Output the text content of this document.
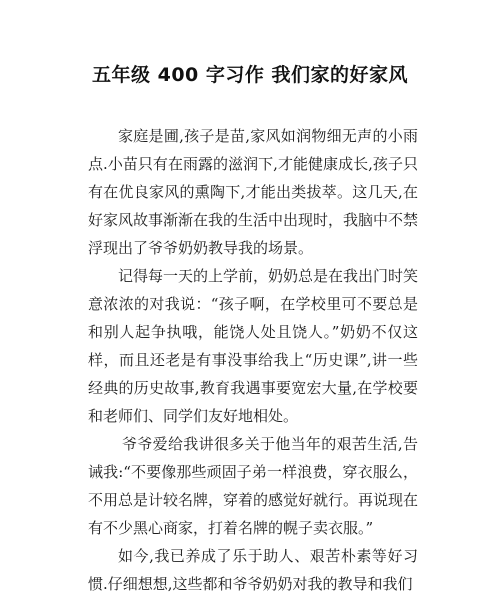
五年级 400 字习作 我们家的好家风

家庭是圃,孩子是苗,家风如润物细无声的小雨点.小苗只有在雨露的滋润下,才能健康成长,孩子只有在优良家风的熏陶下,才能出类拔萃。这几天,在好家风故事渐渐在我的生活中出现时，我脑中不禁浮现出了爷爷奶奶教导我的场景。

记得每一天的上学前，奶奶总是在我出门时笑意浓浓的对我说：“孩子啊，在学校里可不要总是和别人起争执哦，能饶人处且饶人。”奶奶不仅这样，而且还老是有事没事给我上“历史课”,讲一些经典的历史故事,教育我遇事要宽宏大量,在学校要和老师们、同学们友好地相处。

爷爷爱给我讲很多关于他当年的艰苦生活,告诫我:“不要像那些顽固子弟一样浪费，穿衣服么，不用总是计较名牌，穿着的感觉好就行。再说现在有不少黑心商家，打着名牌的幌子卖衣服。”

如今,我已养成了乐于助人、艰苦朴素等好习惯.仔细想想,这些都和爷爷奶奶对我的教导和我们
